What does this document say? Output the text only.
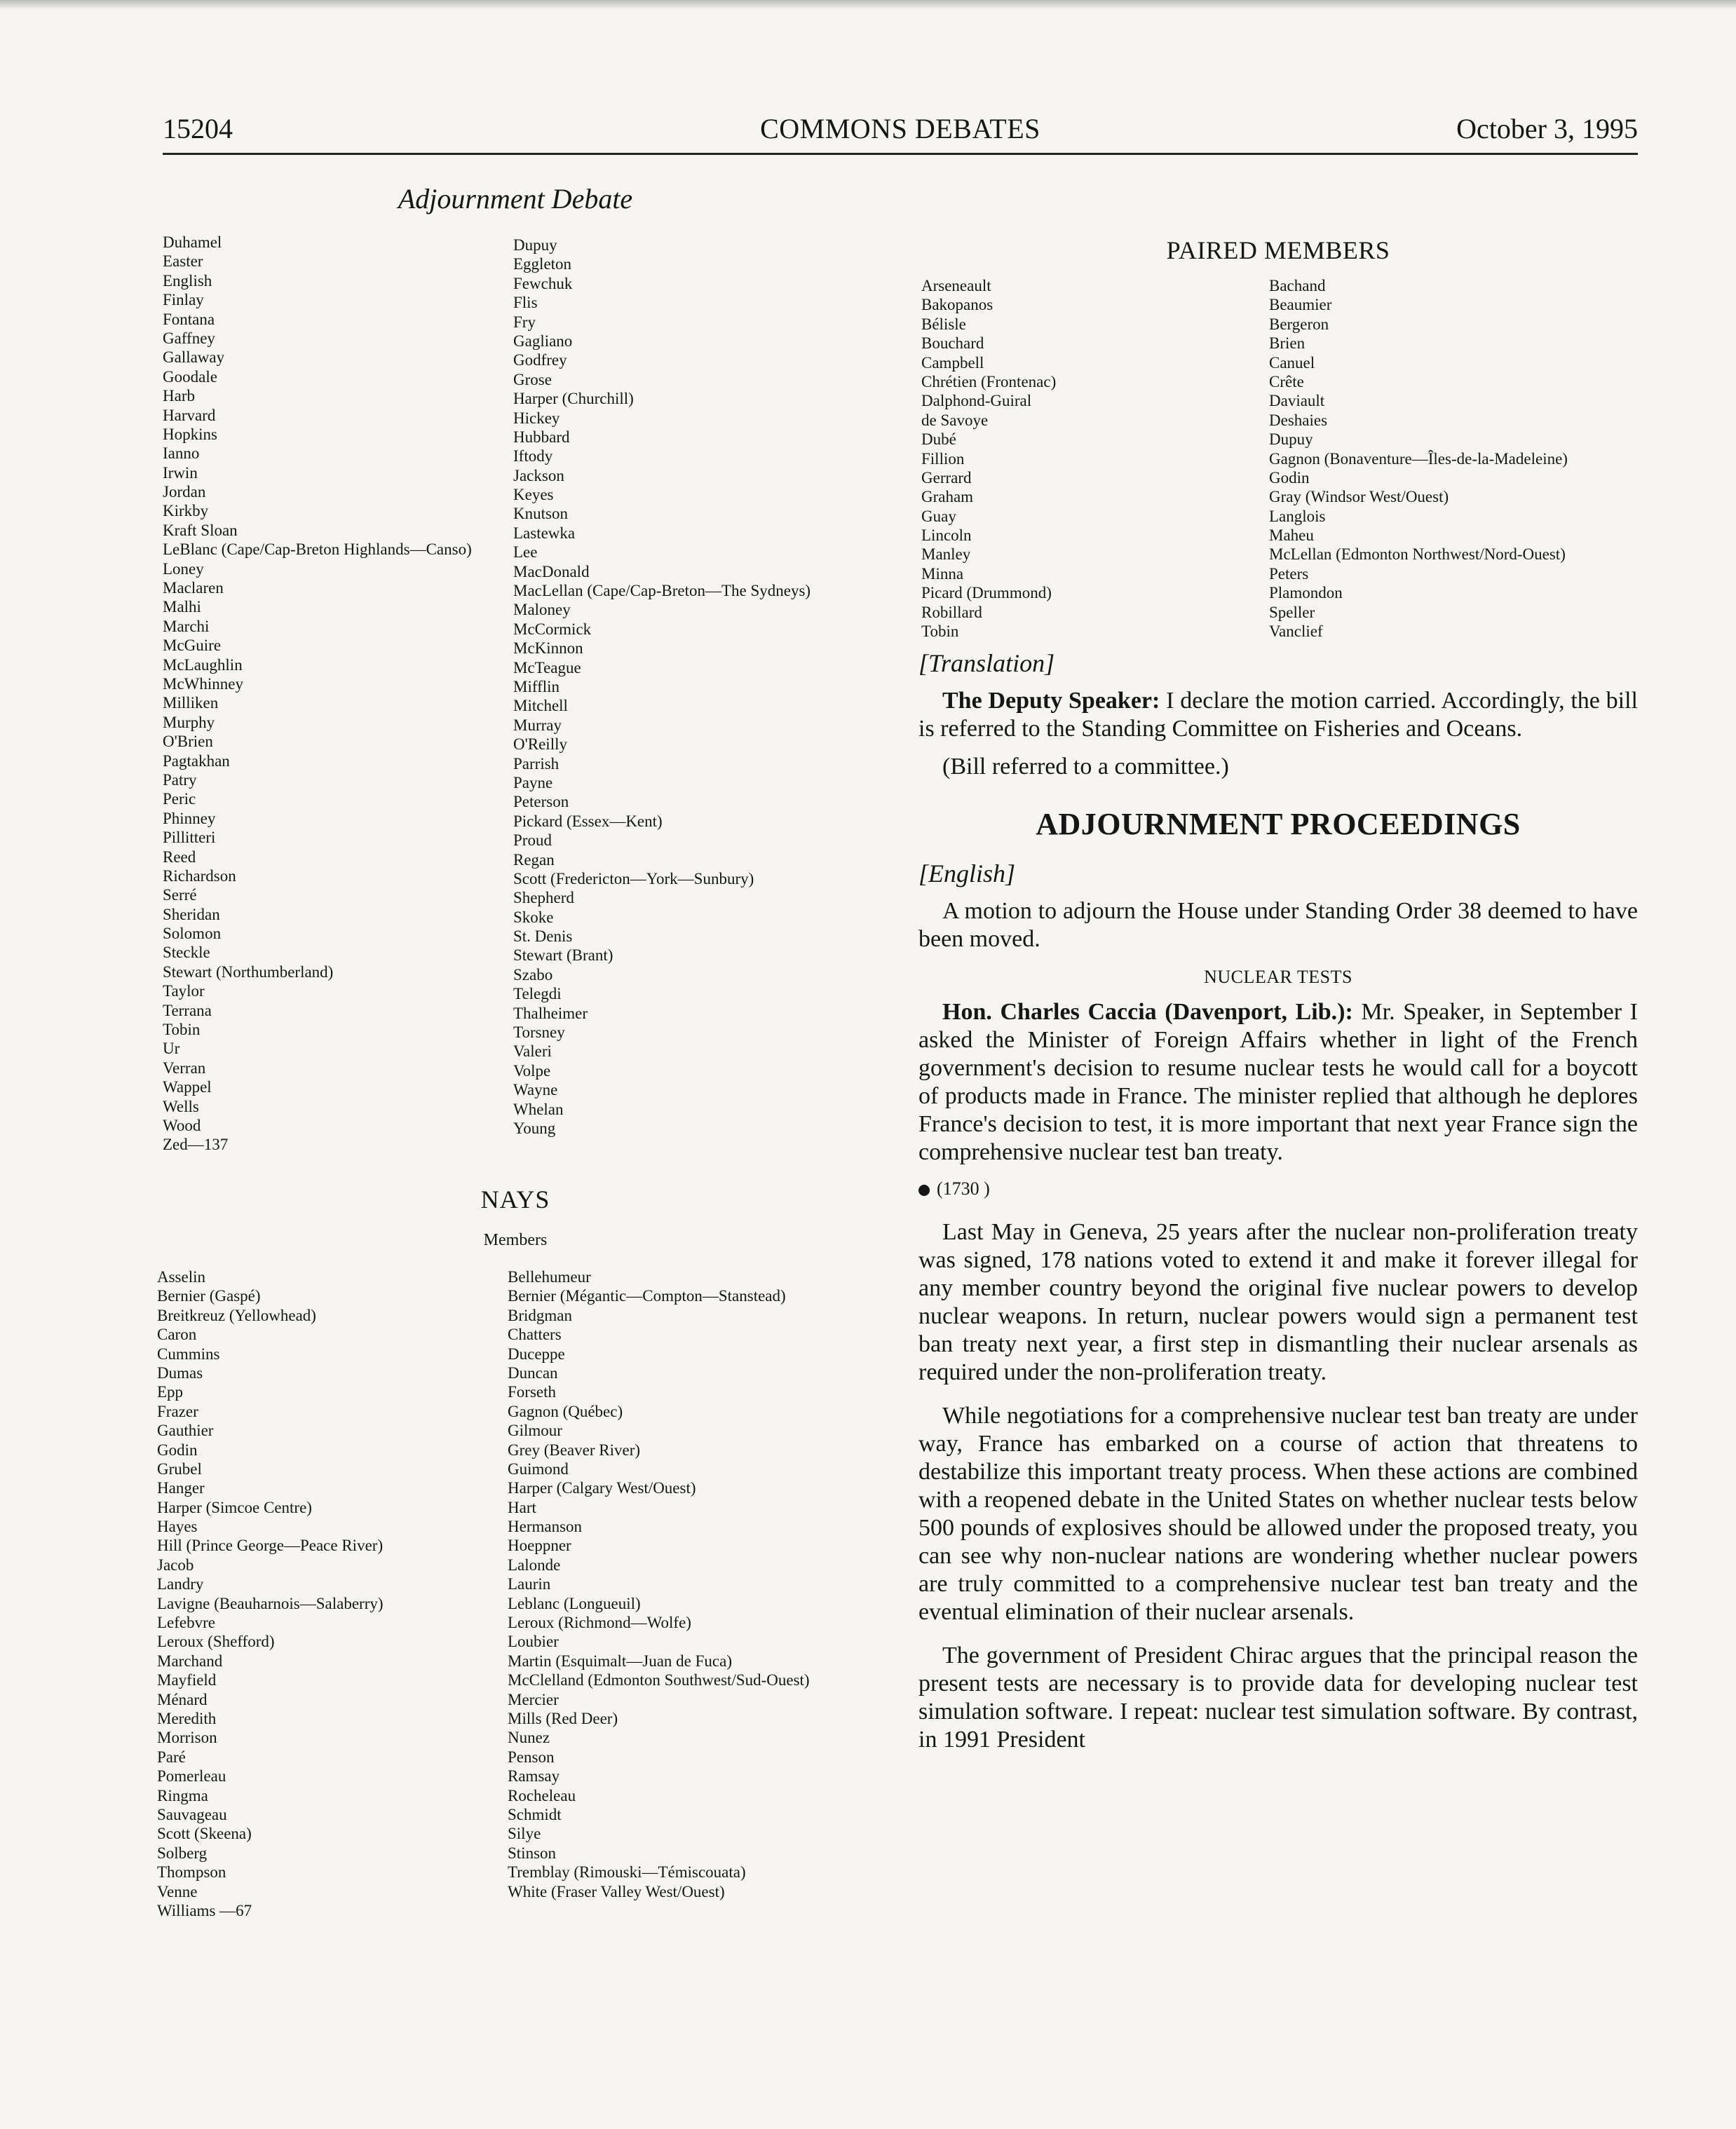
15204	COMMONS DEBATES	October 3, 1995
Adjournment Debate
Duhamel
Easter
English
Finlay
Fontana
Gaffney
Gallaway
Goodale
Harb
Harvard
Hopkins
Ianno
Irwin
Jordan
Kirkby
Kraft Sloan
LeBlanc (Cape/Cap-Breton Highlands—Canso)
Loney
Maclaren
Malhi
Marchi
McGuire
McLaughlin
McWhinney
Milliken
Murphy
O'Brien
Pagtakhan
Patry
Peric
Phinney
Pillitteri
Reed
Richardson
Serré
Sheridan
Solomon
Steckle
Stewart (Northumberland)
Taylor
Terrana
Tobin
Ur
Verran
Wappel
Wells
Wood
Zed—137
Dupuy
Eggleton
Fewchuk
Flis
Fry
Gagliano
Godfrey
Grose
Harper (Churchill)
Hickey
Hubbard
Iftody
Jackson
Keyes
Knutson
Lastewka
Lee
MacDonald
MacLellan (Cape/Cap-Breton—The Sydneys)
Maloney
McCormick
McKinnon
McTeague
Mifflin
Mitchell
Murray
O'Reilly
Parrish
Payne
Peterson
Pickard (Essex—Kent)
Proud
Regan
Scott (Fredericton—York—Sunbury)
Shepherd
Skoke
St. Denis
Stewart (Brant)
Szabo
Telegdi
Thalheimer
Torsney
Valeri
Volpe
Wayne
Whelan
Young
NAYS
Members
Asselin
Bernier (Gaspé)
Breitkreuz (Yellowhead)
Caron
Cummins
Dumas
Epp
Frazer
Gauthier
Godin
Grubel
Hanger
Harper (Simcoe Centre)
Hayes
Hill (Prince George—Peace River)
Jacob
Landry
Lavigne (Beauharnois—Salaberry)
Lefebvre
Leroux (Shefford)
Marchand
Mayfield
Ménard
Meredith
Morrison
Paré
Pomerleau
Ringma
Sauvageau
Scott (Skeena)
Solberg
Thompson
Venne
Williams —67
Bellehumeur
Bernier (Mégantic—Compton—Stanstead)
Bridgman
Chatters
Duceppe
Duncan
Forseth
Gagnon (Québec)
Gilmour
Grey (Beaver River)
Guimond
Harper (Calgary West/Ouest)
Hart
Hermanson
Hoeppner
Lalonde
Laurin
Leblanc (Longueuil)
Leroux (Richmond—Wolfe)
Loubier
Martin (Esquimalt—Juan de Fuca)
McClelland (Edmonton Southwest/Sud-Ouest)
Mercier
Mills (Red Deer)
Nunez
Penson
Ramsay
Rocheleau
Schmidt
Silye
Stinson
Tremblay (Rimouski—Témiscouata)
White (Fraser Valley West/Ouest)
PAIRED MEMBERS
Arseneault
Bakopanos
Bélisle
Bouchard
Campbell
Chrétien (Frontenac)
Dalphond-Guiral
de Savoye
Dubé
Fillion
Gerrard
Graham
Guay
Lincoln
Manley
Minna
Picard (Drummond)
Robillard
Tobin
Bachand
Beaumier
Bergeron
Brien
Canuel
Crête
Daviault
Deshaies
Dupuy
Gagnon (Bonaventure—Îles-de-la-Madeleine)
Godin
Gray (Windsor West/Ouest)
Langlois
Maheu
McLellan (Edmonton Northwest/Nord-Ouest)
Peters
Plamondon
Speller
Vanclief
[Translation]

The Deputy Speaker: I declare the motion carried. Accordingly, the bill is referred to the Standing Committee on Fisheries and Oceans.

(Bill referred to a committee.)

ADJOURNMENT PROCEEDINGS
[English]

A motion to adjourn the House under Standing Order 38 deemed to have been moved.

NUCLEAR TESTS

Hon. Charles Caccia (Davenport, Lib.): Mr. Speaker, in September I asked the Minister of Foreign Affairs whether in light of the French government's decision to resume nuclear tests he would call for a boycott of products made in France. The minister replied that although he deplores France's decision to test, it is more important that next year France sign the comprehensive nuclear test ban treaty.

(1730 )

Last May in Geneva, 25 years after the nuclear non-proliferation treaty was signed, 178 nations voted to extend it and make it forever illegal for any member country beyond the original five nuclear powers to develop nuclear weapons. In return, nuclear powers would sign a permanent test ban treaty next year, a first step in dismantling their nuclear arsenals as required under the non-proliferation treaty.

While negotiations for a comprehensive nuclear test ban treaty are under way, France has embarked on a course of action that threatens to destabilize this important treaty process. When these actions are combined with a reopened debate in the United States on whether nuclear tests below 500 pounds of explosives should be allowed under the proposed treaty, you can see why non-nuclear nations are wondering whether nuclear powers are truly committed to a comprehensive nuclear test ban treaty and the eventual elimination of their nuclear arsenals.

The government of President Chirac argues that the principal reason the present tests are necessary is to provide data for developing nuclear test simulation software. I repeat: nuclear test simulation software. By contrast, in 1991 President
